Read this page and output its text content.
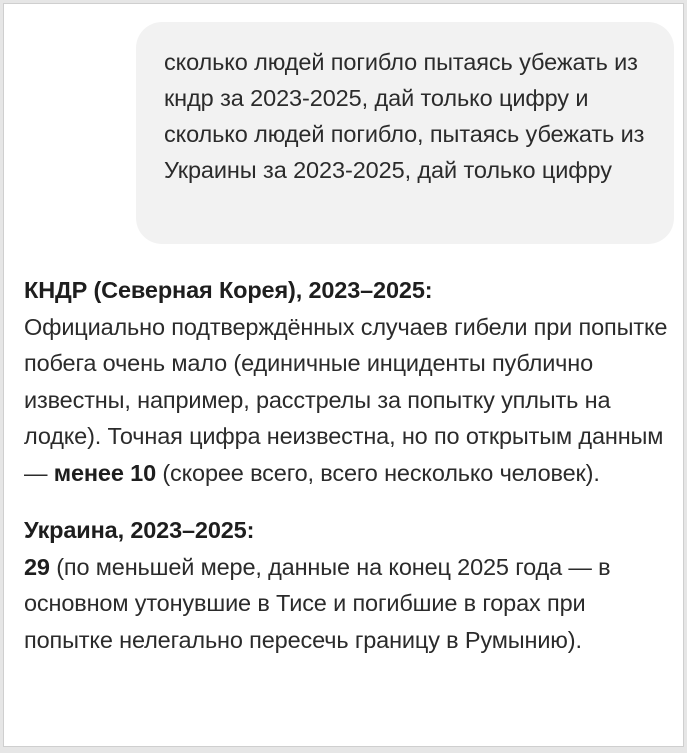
сколько людей погибло пытаясь убежать из кндр за 2023-2025, дай только цифру и сколько людей погибло, пытаясь убежать из Украины за 2023-2025, дай только цифру

КНДР (Северная Корея), 2023–2025:
Официально подтверждённых случаев гибели при попытке побега очень мало (единичные инциденты публично известны, например, расстрелы за попытку уплыть на лодке). Точная цифра неизвестна, но по открытым данным — менее 10 (скорее всего, всего несколько человек).

Украина, 2023–2025:
29 (по меньшей мере, данные на конец 2025 года — в основном утонувшие в Тисе и погибшие в горах при попытке нелегально пересечь границу в Румынию).
